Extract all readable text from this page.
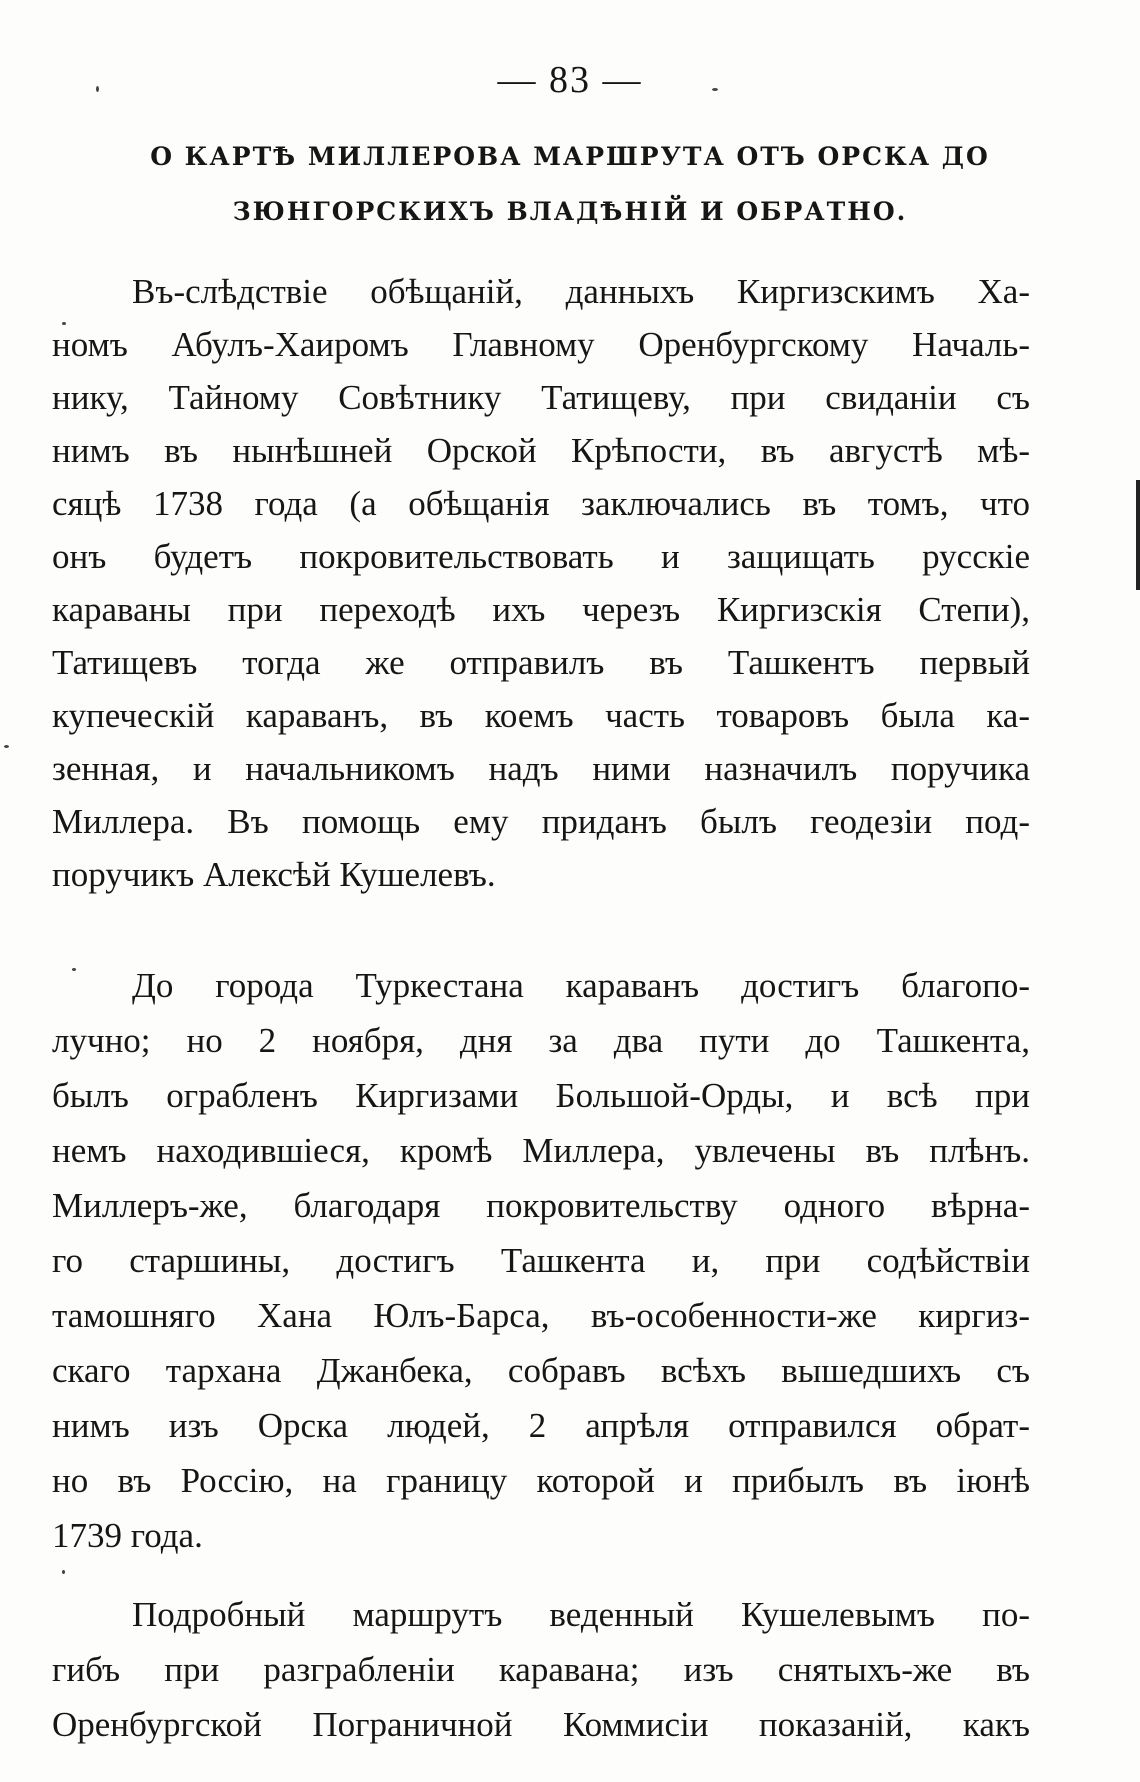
— 83 —
О КАРТѢ МИЛЛЕРОВА МАРШРУТА ОТЪ ОРСКА ДО
ЗЮНГОРСКИХЪ ВЛАДѢНІЙ И ОБРАТНО.
Въ-слѣдствіе обѣщаній, данныхъ Киргизскимъ Ха-
номъ Абулъ-Хаиромъ Главному Оренбургскому Началь-
нику, Тайному Совѣтнику Татищеву, при свиданіи съ
нимъ въ нынѣшней Орской Крѣпости, въ августѣ мѣ-
сяцѣ 1738 года (а обѣщанія заключались въ томъ, что
онъ будетъ покровительствовать и защищать русскіе
караваны при переходѣ ихъ черезъ Киргизскія Степи),
Татищевъ тогда же отправилъ въ Ташкентъ первый
купеческій караванъ, въ коемъ часть товаровъ была ка-
зенная, и начальникомъ надъ ними назначилъ поручика
Миллера. Въ помощь ему приданъ былъ геодезіи под-
поручикъ Алексѣй Кушелевъ.
До города Туркестана караванъ достигъ благопо-
лучно; но 2 ноября, дня за два пути до Ташкента,
былъ ограбленъ Киргизами Большой-Орды, и всѣ при
немъ находившіеся, кромѣ Миллера, увлечены въ плѣнъ.
Миллеръ-же, благодаря покровительству одного вѣрна-
го старшины, достигъ Ташкента и, при содѣйствіи
тамошняго Хана Юлъ-Барса, въ-особенности-же киргиз-
скаго тархана Джанбека, собравъ всѣхъ вышедшихъ съ
нимъ изъ Орска людей, 2 апрѣля отправился обрат-
но въ Россію, на границу которой и прибылъ въ іюнѣ
1739 года.
Подробный маршрутъ веденный Кушелевымъ по-
гибъ при разграбленіи каравана; изъ снятыхъ-же въ
Оренбургской Пограничной Коммисіи показаній, какъ
